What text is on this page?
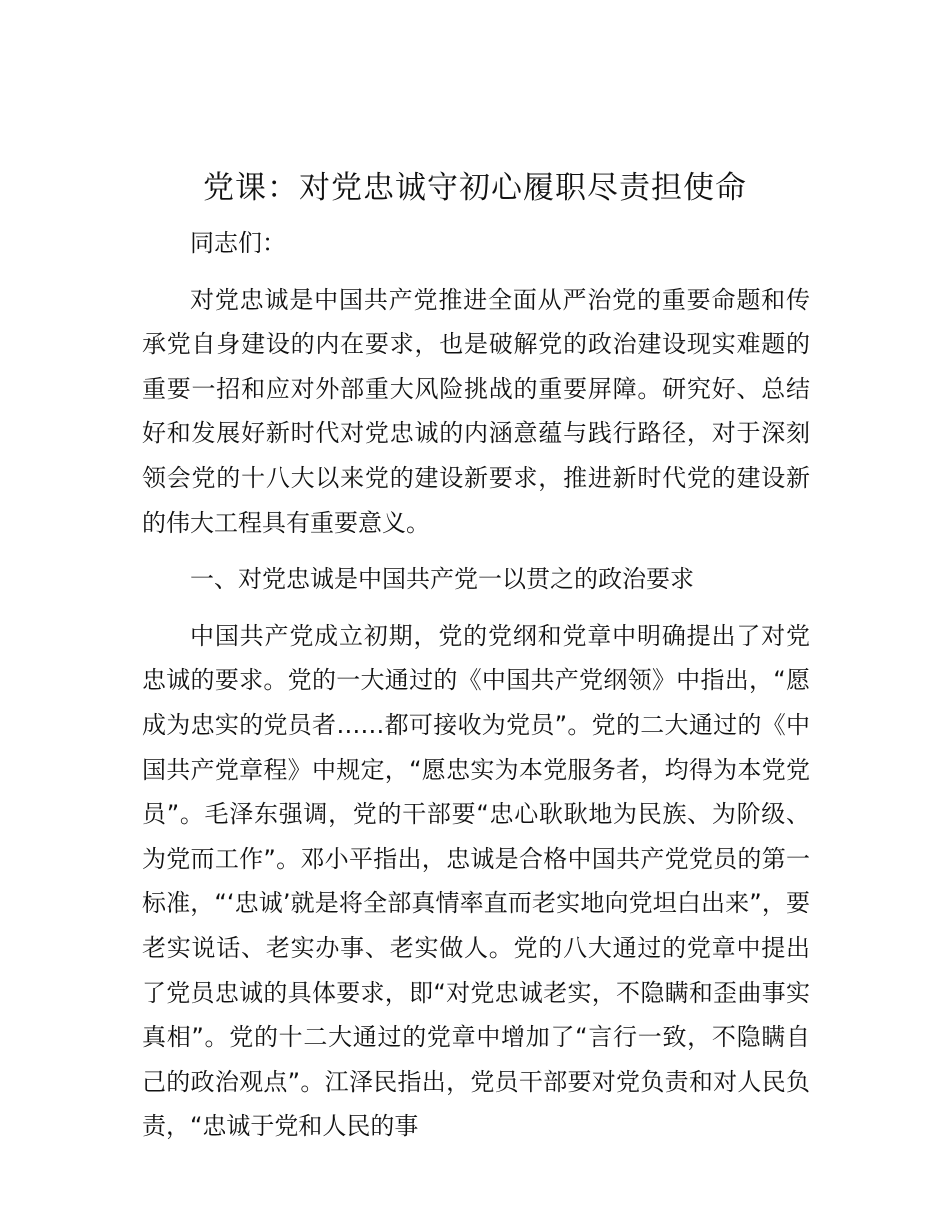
党课：对党忠诚守初心履职尽责担使命

同志们：

对党忠诚是中国共产党推进全面从严治党的重要命题和传承党自身建设的内在要求，也是破解党的政治建设现实难题的重要一招和应对外部重大风险挑战的重要屏障。研究好、总结好和发展好新时代对党忠诚的内涵意蕴与践行路径，对于深刻领会党的十八大以来党的建设新要求，推进新时代党的建设新的伟大工程具有重要意义。

一、对党忠诚是中国共产党一以贯之的政治要求

中国共产党成立初期，党的党纲和党章中明确提出了对党忠诚的要求。党的一大通过的《中国共产党纲领》中指出，“愿成为忠实的党员者……都可接收为党员”。党的二大通过的《中国共产党章程》中规定，“愿忠实为本党服务者，均得为本党党员”。毛泽东强调，党的干部要“忠心耿耿地为民族、为阶级、为党而工作”。邓小平指出，忠诚是合格中国共产党党员的第一标准，“‘忠诚’就是将全部真情率直而老实地向党坦白出来”，要老实说话、老实办事、老实做人。党的八大通过的党章中提出了党员忠诚的具体要求，即“对党忠诚老实，不隐瞒和歪曲事实真相”。党的十二大通过的党章中增加了“言行一致，不隐瞒自己的政治观点”。江泽民指出，党员干部要对党负责和对人民负责，“忠诚于党和人民的事
